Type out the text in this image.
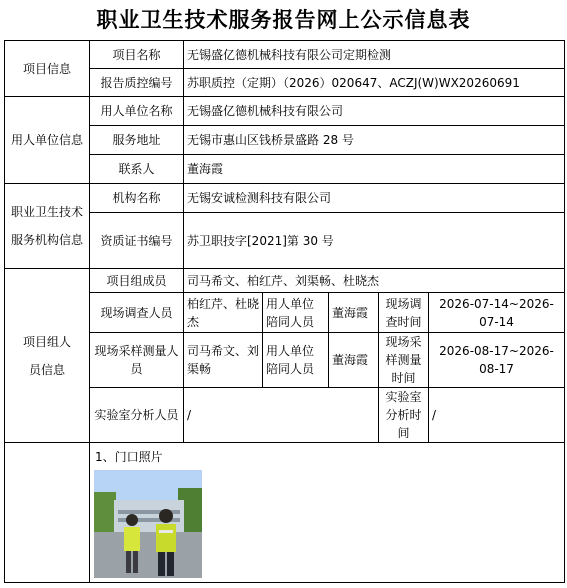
职业卫生技术服务报告网上公示信息表
项目信息	项目名称	无锡盛亿德机械科技有限公司定期检测				
	报告质控编号	苏职质控（定期）（2026）020647、ACZJ(W)WX20260691				
用人单位信息	用人单位名称	无锡盛亿德机械科技有限公司				
	服务地址	无锡市惠山区钱桥景盛路 28 号				
	联系人	董海霞				
职业卫生技术服务机构信息	机构名称	无锡安诚检测科技有限公司				
	资质证书编号	苏卫职技字[2021]第 30 号				
项目组人员信息	项目组成员	司马希文、柏红芹、刘渠畅、杜晓杰				
	现场调查人员	柏红芹、杜晓杰	用人单位陪同人员	董海霞	现场调查时间	2026-07-14~2026-07-14
	现场采样测量人员	司马希文、刘渠畅	用人单位陪同人员	董海霞	现场采样测量时间	2026-08-17~2026-08-17
	实验室分析人员	/			实验室分析时间	/

	1、门口照片					
